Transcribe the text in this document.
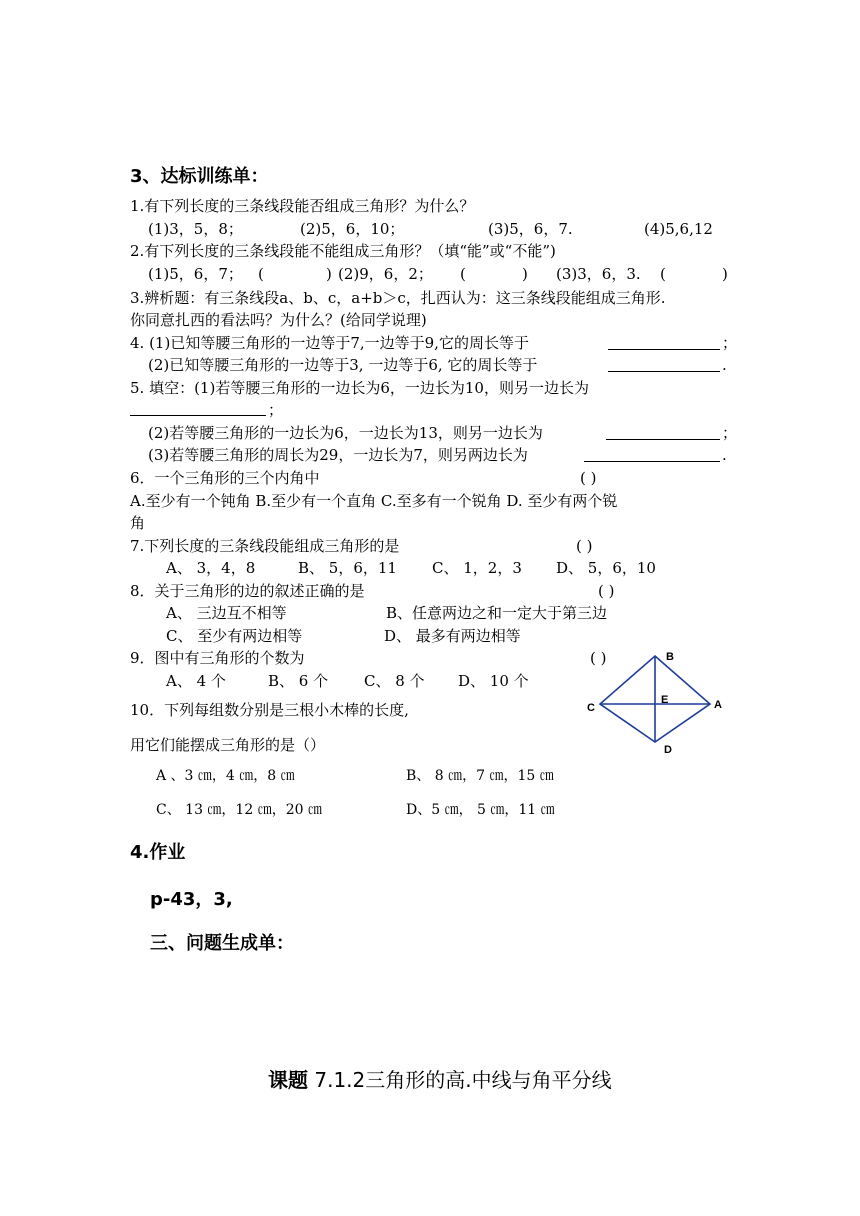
3、达标训练单：
1.有下列长度的三条线段能否组成三角形？为什么？
(1)3，5，8；	(2)5，6，10；	(3)5，6，7.	(4)5,6,12
2.有下列长度的三条线段能不能组成三角形？（填“能”或“不能”)
(1)5，6，7； (	) (2)9，6，2； (	) (3)3，6，3. (	)
3.辨析题：有三条线段a、b、c，a+b＞c，扎西认为：这三条线段能组成三角形.
你同意扎西的看法吗？为什么？(给同学说理)
4. (1)已知等腰三角形的一边等于7,一边等于9,它的周长等于	；
(2)已知等腰三角形的一边等于3, 一边等于6, 它的周长等于	.
5. 填空：(1)若等腰三角形的一边长为6，一边长为10，则另一边长为
；
(2)若等腰三角形的一边长为6，一边长为13，则另一边长为	；
(3)若等腰三角形的周长为29，一边长为7，则另两边长为	.
6．一个三角形的三个内角中	( )
A.至少有一个钝角 B.至少有一个直角 C.至多有一个锐角 D. 至少有两个锐
角
7.下列长度的三条线段能组成三角形的是	( )
A、 3，4，8	B、 5，6，11 C、 1，2，3 D、 5，6，10
8．关于三角形的边的叙述正确的是	( )
A、 三边互不相等	B、任意两边之和一定大于第三边
C、 至少有两边相等	D、 最多有两边相等
9．图中有三角形的个数为	( )
A、 4 个	B、 6 个 C、 8 个 D、 10 个
B
C
E	A
D
10．下列每组数分别是三根小木棒的长度,
用它们能摆成三角形的是（）
A 、3 ㎝，4 ㎝，8 ㎝	B、 8 ㎝，7 ㎝，15 ㎝
C、 13 ㎝，12 ㎝，20 ㎝	D、5 ㎝， 5 ㎝，11 ㎝
4.作业
p-43，3,
三、问题生成单：
课题 7.1.2三角形的高.中线与角平分线
